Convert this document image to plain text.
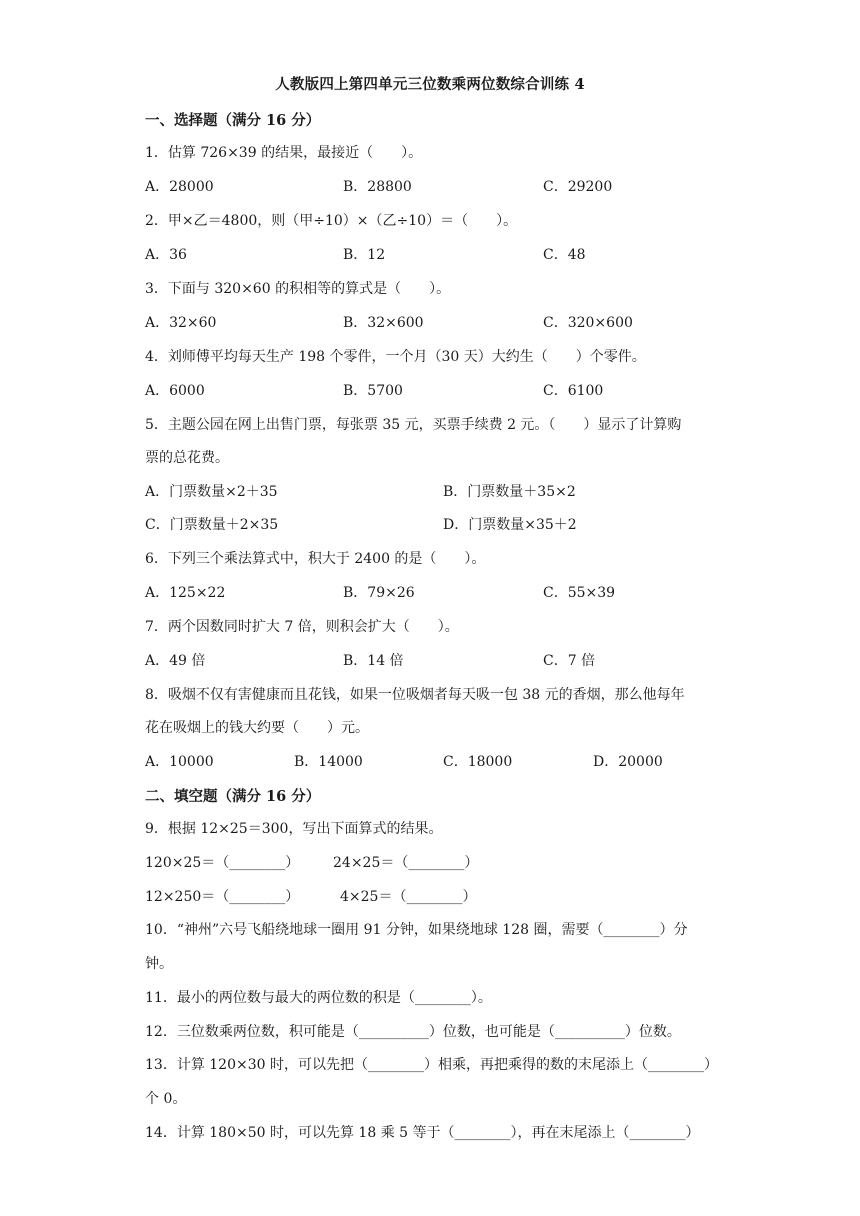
人教版四上第四单元三位数乘两位数综合训练 4
一、选择题（满分 16 分）
1．估算 726×39 的结果，最接近（　　）。
A．28000	B．28800	C．29200
2．甲×乙＝4800，则（甲÷10）×（乙÷10）＝（　　）。
A．36	B．12	C．48
3．下面与 320×60 的积相等的算式是（　　）。
A．32×60	B．32×600	C．320×600
4．刘师傅平均每天生产 198 个零件，一个月（30 天）大约生（　　）个零件。
A．6000	B．5700	C．6100
5．主题公园在网上出售门票，每张票 35 元，买票手续费 2 元。（　　）显示了计算购
票的总花费。
A．门票数量×2＋35	B．门票数量＋35×2
C．门票数量＋2×35	D．门票数量×35＋2
6．下列三个乘法算式中，积大于 2400 的是（　　）。
A．125×22	B．79×26	C．55×39
7．两个因数同时扩大 7 倍，则积会扩大（　　）。
A．49 倍	B．14 倍	C．7 倍
8．吸烟不仅有害健康而且花钱，如果一位吸烟者每天吸一包 38 元的香烟，那么他每年
花在吸烟上的钱大约要（　　）元。
A．10000	B．14000	C．18000	D．20000
二、填空题（满分 16 分）
9．根据 12×25＝300，写出下面算式的结果。
120×25＝（________） 24×25＝（________）
12×250＝（________）	4×25＝（________）
10．“神州”六号飞船绕地球一圈用 91 分钟，如果绕地球 128 圈，需要（________）分
钟。
11．最小的两位数与最大的两位数的积是（________）。
12．三位数乘两位数，积可能是（__________）位数，也可能是（__________）位数。
13．计算 120×30 时，可以先把（________）相乘，再把乘得的数的末尾添上（________）
个 0。
14．计算 180×50 时，可以先算 18 乘 5 等于（________），再在末尾添上（________）
